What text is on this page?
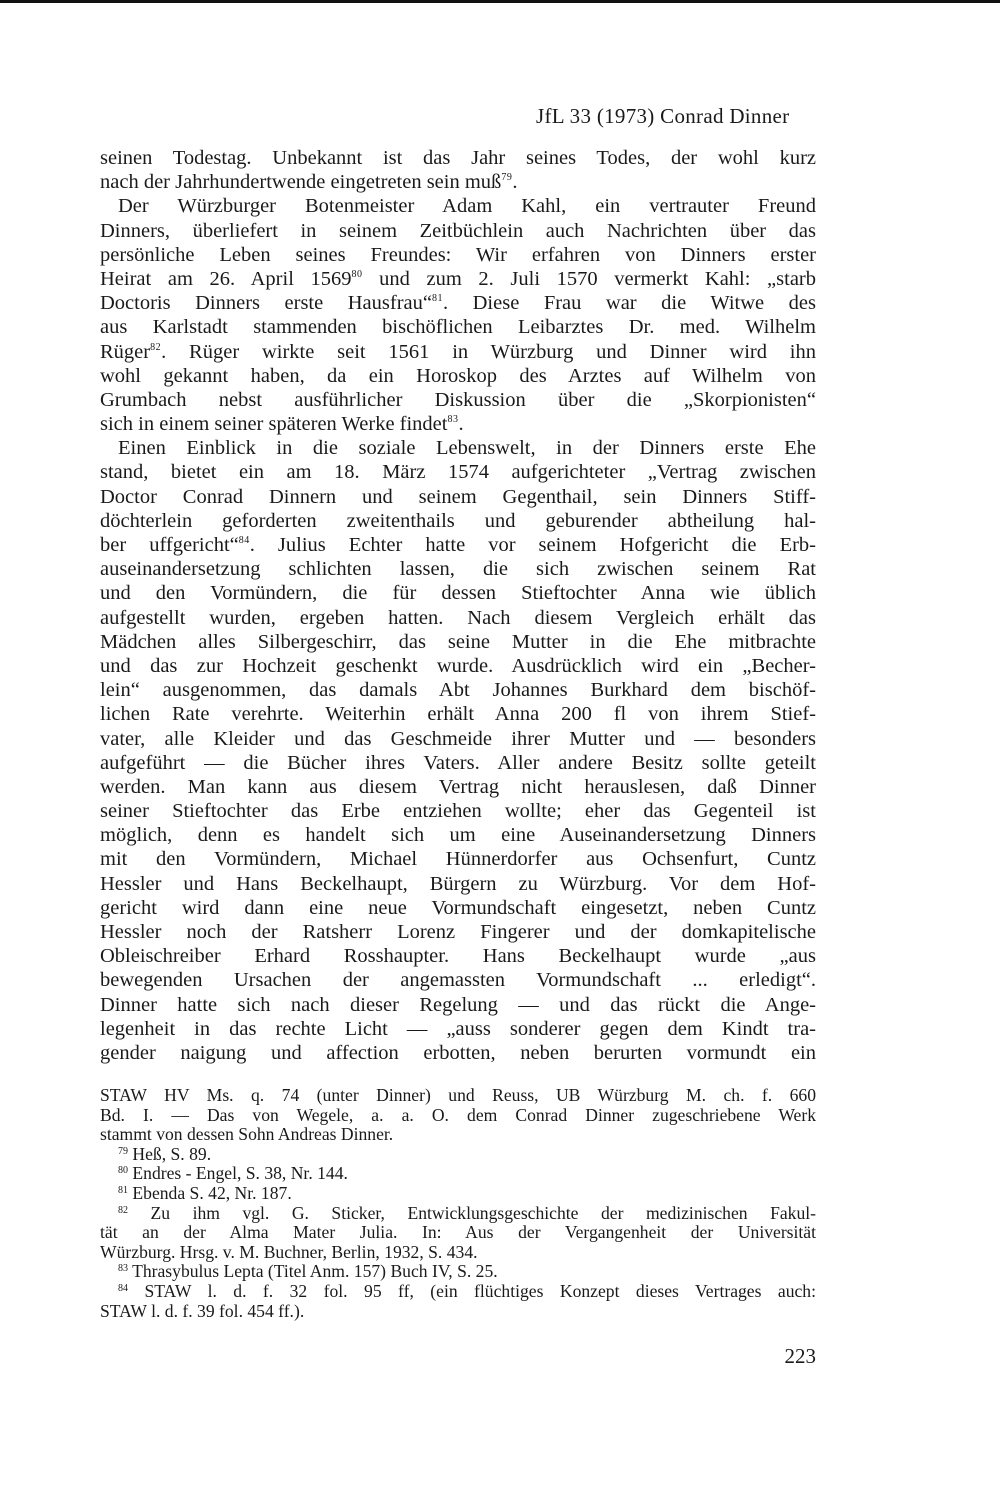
JfL 33 (1973) Conrad Dinner
seinen Todestag. Unbekannt ist das Jahr seines Todes, der wohl kurz
nach der Jahrhundertwende eingetreten sein muß$^{79}$.
Der Würzburger Botenmeister Adam Kahl, ein vertrauter Freund
Dinners, überliefert in seinem Zeitbüchlein auch Nachrichten über das
persönliche Leben seines Freundes: Wir erfahren von Dinners erster
Heirat am 26. April 1569$^{80}$ und zum 2. Juli 1570 vermerkt Kahl: „starb
Doctoris Dinners erste Hausfrau“$^{81}$. Diese Frau war die Witwe des
aus Karlstadt stammenden bischöflichen Leibarztes Dr. med. Wilhelm
Rüger$^{82}$. Rüger wirkte seit 1561 in Würzburg und Dinner wird ihn
wohl gekannt haben, da ein Horoskop des Arztes auf Wilhelm von
Grumbach nebst ausführlicher Diskussion über die „Skorpionisten“
sich in einem seiner späteren Werke findet$^{83}$.
Einen Einblick in die soziale Lebenswelt, in der Dinners erste Ehe
stand, bietet ein am 18. März 1574 aufgerichteter „Vertrag zwischen
Doctor Conrad Dinnern und seinem Gegenthail, sein Dinners Stiff-
döchterlein geforderten zweitenthails und geburender abtheilung hal-
ber uffgericht“$^{84}$. Julius Echter hatte vor seinem Hofgericht die Erb-
auseinandersetzung schlichten lassen, die sich zwischen seinem Rat
und den Vormündern, die für dessen Stieftochter Anna wie üblich
aufgestellt wurden, ergeben hatten. Nach diesem Vergleich erhält das
Mädchen alles Silbergeschirr, das seine Mutter in die Ehe mitbrachte
und das zur Hochzeit geschenkt wurde. Ausdrücklich wird ein „Becher-
lein“ ausgenommen, das damals Abt Johannes Burkhard dem bischöf-
lichen Rate verehrte. Weiterhin erhält Anna 200 fl von ihrem Stief-
vater, alle Kleider und das Geschmeide ihrer Mutter und — besonders
aufgeführt — die Bücher ihres Vaters. Aller andere Besitz sollte geteilt
werden. Man kann aus diesem Vertrag nicht herauslesen, daß Dinner
seiner Stieftochter das Erbe entziehen wollte; eher das Gegenteil ist
möglich, denn es handelt sich um eine Auseinandersetzung Dinners
mit den Vormündern, Michael Hünnerdorfer aus Ochsenfurt, Cuntz
Hessler und Hans Beckelhaupt, Bürgern zu Würzburg. Vor dem Hof-
gericht wird dann eine neue Vormundschaft eingesetzt, neben Cuntz
Hessler noch der Ratsherr Lorenz Fingerer und der domkapitelische
Obleischreiber Erhard Rosshaupter. Hans Beckelhaupt wurde „aus
bewegenden Ursachen der angemassten Vormundschaft ... erledigt“.
Dinner hatte sich nach dieser Regelung — und das rückt die Ange-
legenheit in das rechte Licht — „auss sonderer gegen dem Kindt tra-
gender naigung und affection erbotten, neben berurten vormundt ein
STAW HV Ms. q. 74 (unter Dinner) und Reuss, UB Würzburg M. ch. f. 660
Bd. I. — Das von Wegele, a. a. O. dem Conrad Dinner zugeschriebene Werk
stammt von dessen Sohn Andreas Dinner.
$^{79}$ Heß, S. 89.
$^{80}$ Endres - Engel, S. 38, Nr. 144.
$^{81}$ Ebenda S. 42, Nr. 187.
$^{82}$ Zu ihm vgl. G. Sticker, Entwicklungsgeschichte der medizinischen Fakul-
tät an der Alma Mater Julia. In: Aus der Vergangenheit der Universität
Würzburg. Hrsg. v. M. Buchner, Berlin, 1932, S. 434.
$^{83}$ Thrasybulus Lepta (Titel Anm. 157) Buch IV, S. 25.
$^{84}$ STAW l. d. f. 32 fol. 95 ff, (ein flüchtiges Konzept dieses Vertrages auch:
STAW l. d. f. 39 fol. 454 ff.).
223
